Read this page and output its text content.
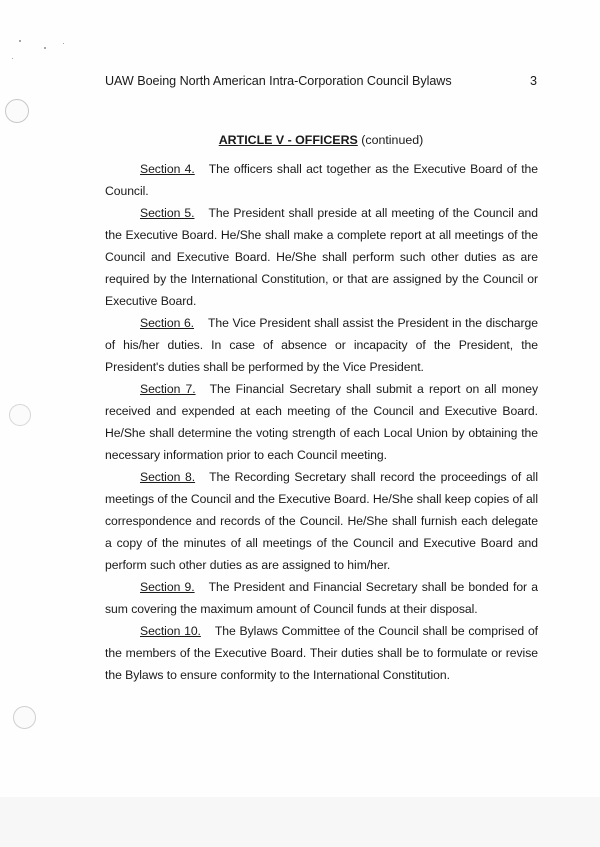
UAW Boeing North American Intra-Corporation Council Bylaws	3
ARTICLE V - OFFICERS (continued)

Section 4. The officers shall act together as the Executive Board of the Council.

Section 5. The President shall preside at all meeting of the Council and the Executive Board. He/She shall make a complete report at all meetings of the Council and Executive Board. He/She shall perform such other duties as are required by the International Constitution, or that are assigned by the Council or Executive Board.

Section 6. The Vice President shall assist the President in the discharge of his/her duties. In case of absence or incapacity of the President, the President's duties shall be performed by the Vice President.

Section 7. The Financial Secretary shall submit a report on all money received and expended at each meeting of the Council and Executive Board. He/She shall determine the voting strength of each Local Union by obtaining the necessary information prior to each Council meeting.

Section 8. The Recording Secretary shall record the proceedings of all meetings of the Council and the Executive Board. He/She shall keep copies of all correspondence and records of the Council. He/She shall furnish each delegate a copy of the minutes of all meetings of the Council and Executive Board and perform such other duties as are assigned to him/her.

Section 9. The President and Financial Secretary shall be bonded for a sum covering the maximum amount of Council funds at their disposal.

Section 10. The Bylaws Committee of the Council shall be comprised of the members of the Executive Board. Their duties shall be to formulate or revise the Bylaws to ensure conformity to the International Constitution.
